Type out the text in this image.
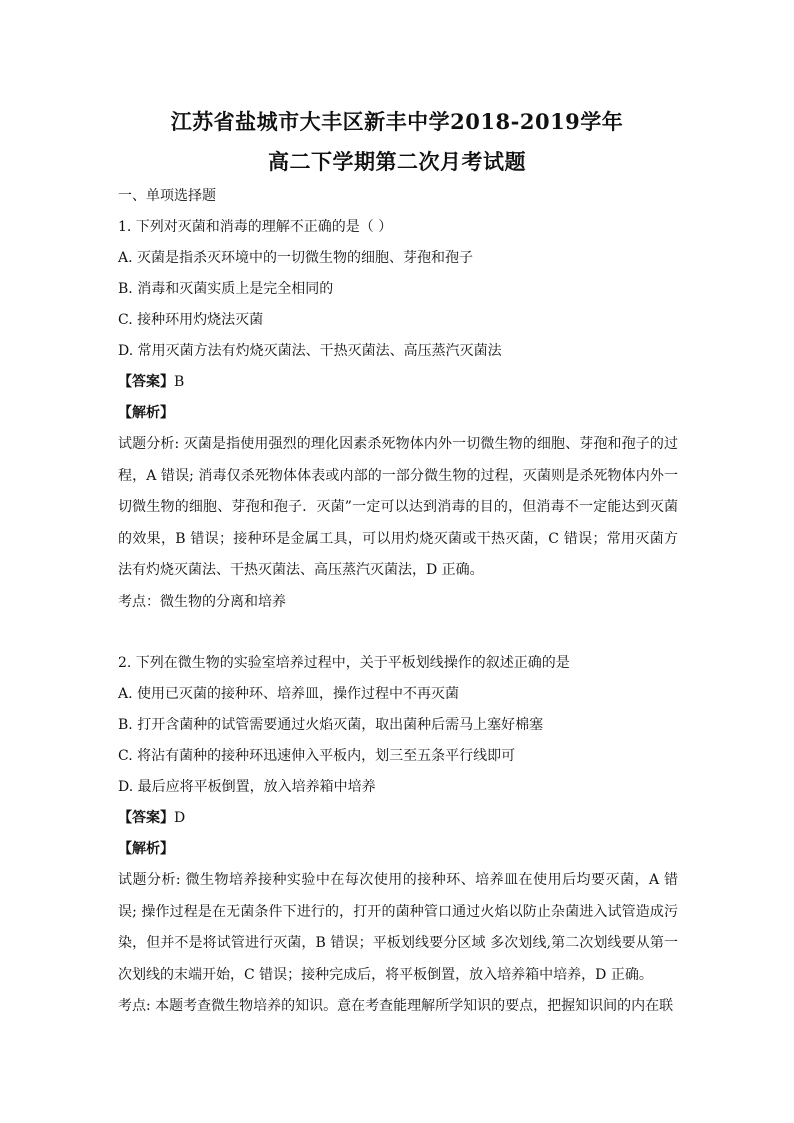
江苏省盐城市大丰区新丰中学2018-2019学年
高二下学期第二次月考试题
一、单项选择题
1. 下列对灭菌和消毒的理解不正确的是（ ）
A. 灭菌是指杀灭环境中的一切微生物的细胞、芽孢和孢子
B. 消毒和灭菌实质上是完全相同的
C. 接种环用灼烧法灭菌
D. 常用灭菌方法有灼烧灭菌法、干热灭菌法、高压蒸汽灭菌法
【答案】B
【解析】
试题分析: 灭菌是指使用强烈的理化因素杀死物体内外一切微生物的细胞、芽孢和孢子的过程，A 错误; 消毒仅杀死物体体表或内部的一部分微生物的过程，灭菌则是杀死物体内外一切微生物的细胞、芽孢和孢子．灭菌”一定可以达到消毒的目的，但消毒不一定能达到灭菌的效果，B 错误；接种环是金属工具，可以用灼烧灭菌或干热灭菌，C 错误；常用灭菌方法有灼烧灭菌法、干热灭菌法、高压蒸汽灭菌法，D 正确。
考点：微生物的分离和培养
2. 下列在微生物的实验室培养过程中，关于平板划线操作的叙述正确的是
A. 使用已灭菌的接种环、培养皿，操作过程中不再灭菌
B. 打开含菌种的试管需要通过火焰灭菌，取出菌种后需马上塞好棉塞
C. 将沾有菌种的接种环迅速伸入平板内，划三至五条平行线即可
D. 最后应将平板倒置，放入培养箱中培养
【答案】D
【解析】
试题分析: 微生物培养接种实验中在每次使用的接种环、培养皿在使用后均要灭菌，A 错误; 操作过程是在无菌条件下进行的，打开的菌种管口通过火焰以防止杂菌进入试管造成污染，但并不是将试管进行灭菌，B 错误；平板划线要分区域 多次划线,第二次划线要从第一次划线的末端开始，C 错误；接种完成后，将平板倒置，放入培养箱中培养，D 正确。
考点: 本题考查微生物培养的知识。意在考查能理解所学知识的要点，把握知识间的内在联
